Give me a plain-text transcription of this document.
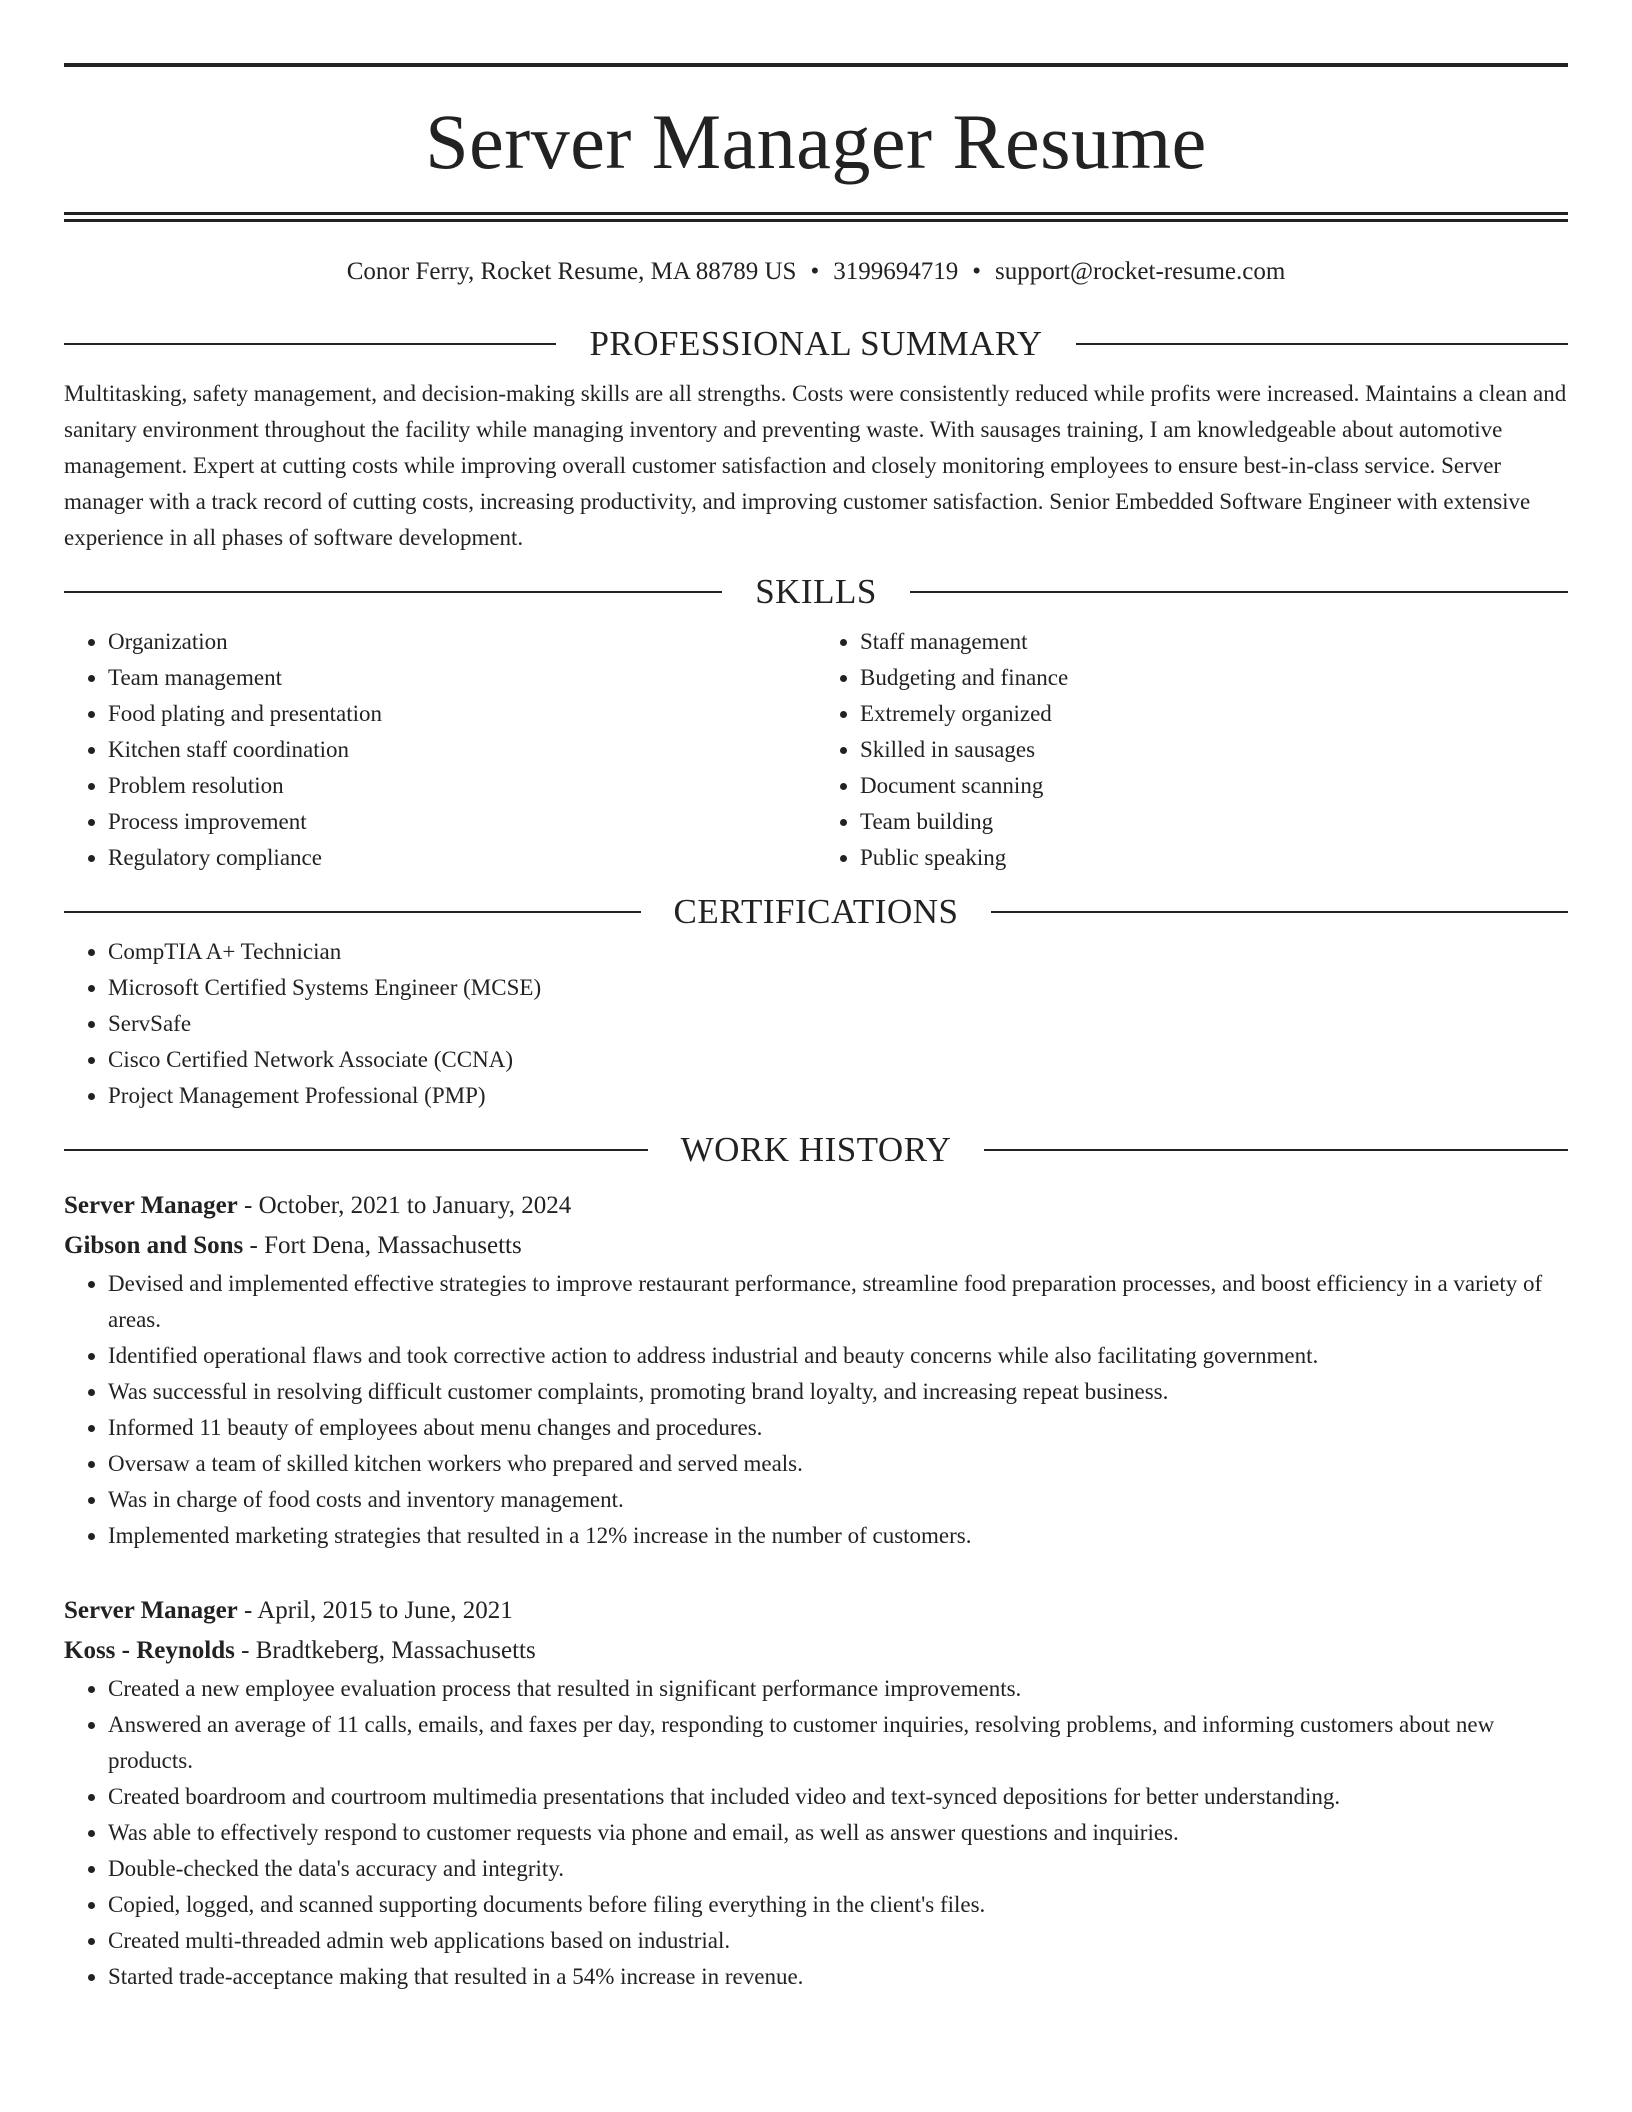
Server Manager Resume
Conor Ferry, Rocket Resume, MA 88789 US • 3199694719 • support@rocket-resume.com
PROFESSIONAL SUMMARY

Multitasking, safety management, and decision-making skills are all strengths. Costs were consistently reduced while profits were increased. Maintains a clean and sanitary environment throughout the facility while managing inventory and preventing waste. With sausages training, I am knowledgeable about automotive management. Expert at cutting costs while improving overall customer satisfaction and closely monitoring employees to ensure best-in-class service. Server manager with a track record of cutting costs, increasing productivity, and improving customer satisfaction. Senior Embedded Software Engineer with extensive experience in all phases of software development.

SKILLS
• Organization
• Team management
• Food plating and presentation
• Kitchen staff coordination
• Problem resolution
• Process improvement
• Regulatory compliance
• Staff management
• Budgeting and finance
• Extremely organized
• Skilled in sausages
• Document scanning
• Team building
• Public speaking
CERTIFICATIONS
• CompTIA A+ Technician
• Microsoft Certified Systems Engineer (MCSE)
• ServSafe
• Cisco Certified Network Associate (CCNA)
• Project Management Professional (PMP)
WORK HISTORY
Server Manager - October, 2021 to January, 2024
Gibson and Sons - Fort Dena, Massachusetts
• Devised and implemented effective strategies to improve restaurant performance, streamline food preparation processes, and boost efficiency in a variety of areas.
• Identified operational flaws and took corrective action to address industrial and beauty concerns while also facilitating government.
• Was successful in resolving difficult customer complaints, promoting brand loyalty, and increasing repeat business.
• Informed 11 beauty of employees about menu changes and procedures.
• Oversaw a team of skilled kitchen workers who prepared and served meals.
• Was in charge of food costs and inventory management.
• Implemented marketing strategies that resulted in a 12% increase in the number of customers.
Server Manager - April, 2015 to June, 2021
Koss - Reynolds - Bradtkeberg, Massachusetts
• Created a new employee evaluation process that resulted in significant performance improvements.
• Answered an average of 11 calls, emails, and faxes per day, responding to customer inquiries, resolving problems, and informing customers about new products.
• Created boardroom and courtroom multimedia presentations that included video and text-synced depositions for better understanding.
• Was able to effectively respond to customer requests via phone and email, as well as answer questions and inquiries.
• Double-checked the data's accuracy and integrity.
• Copied, logged, and scanned supporting documents before filing everything in the client's files.
• Created multi-threaded admin web applications based on industrial.
• Started trade-acceptance making that resulted in a 54% increase in revenue.
